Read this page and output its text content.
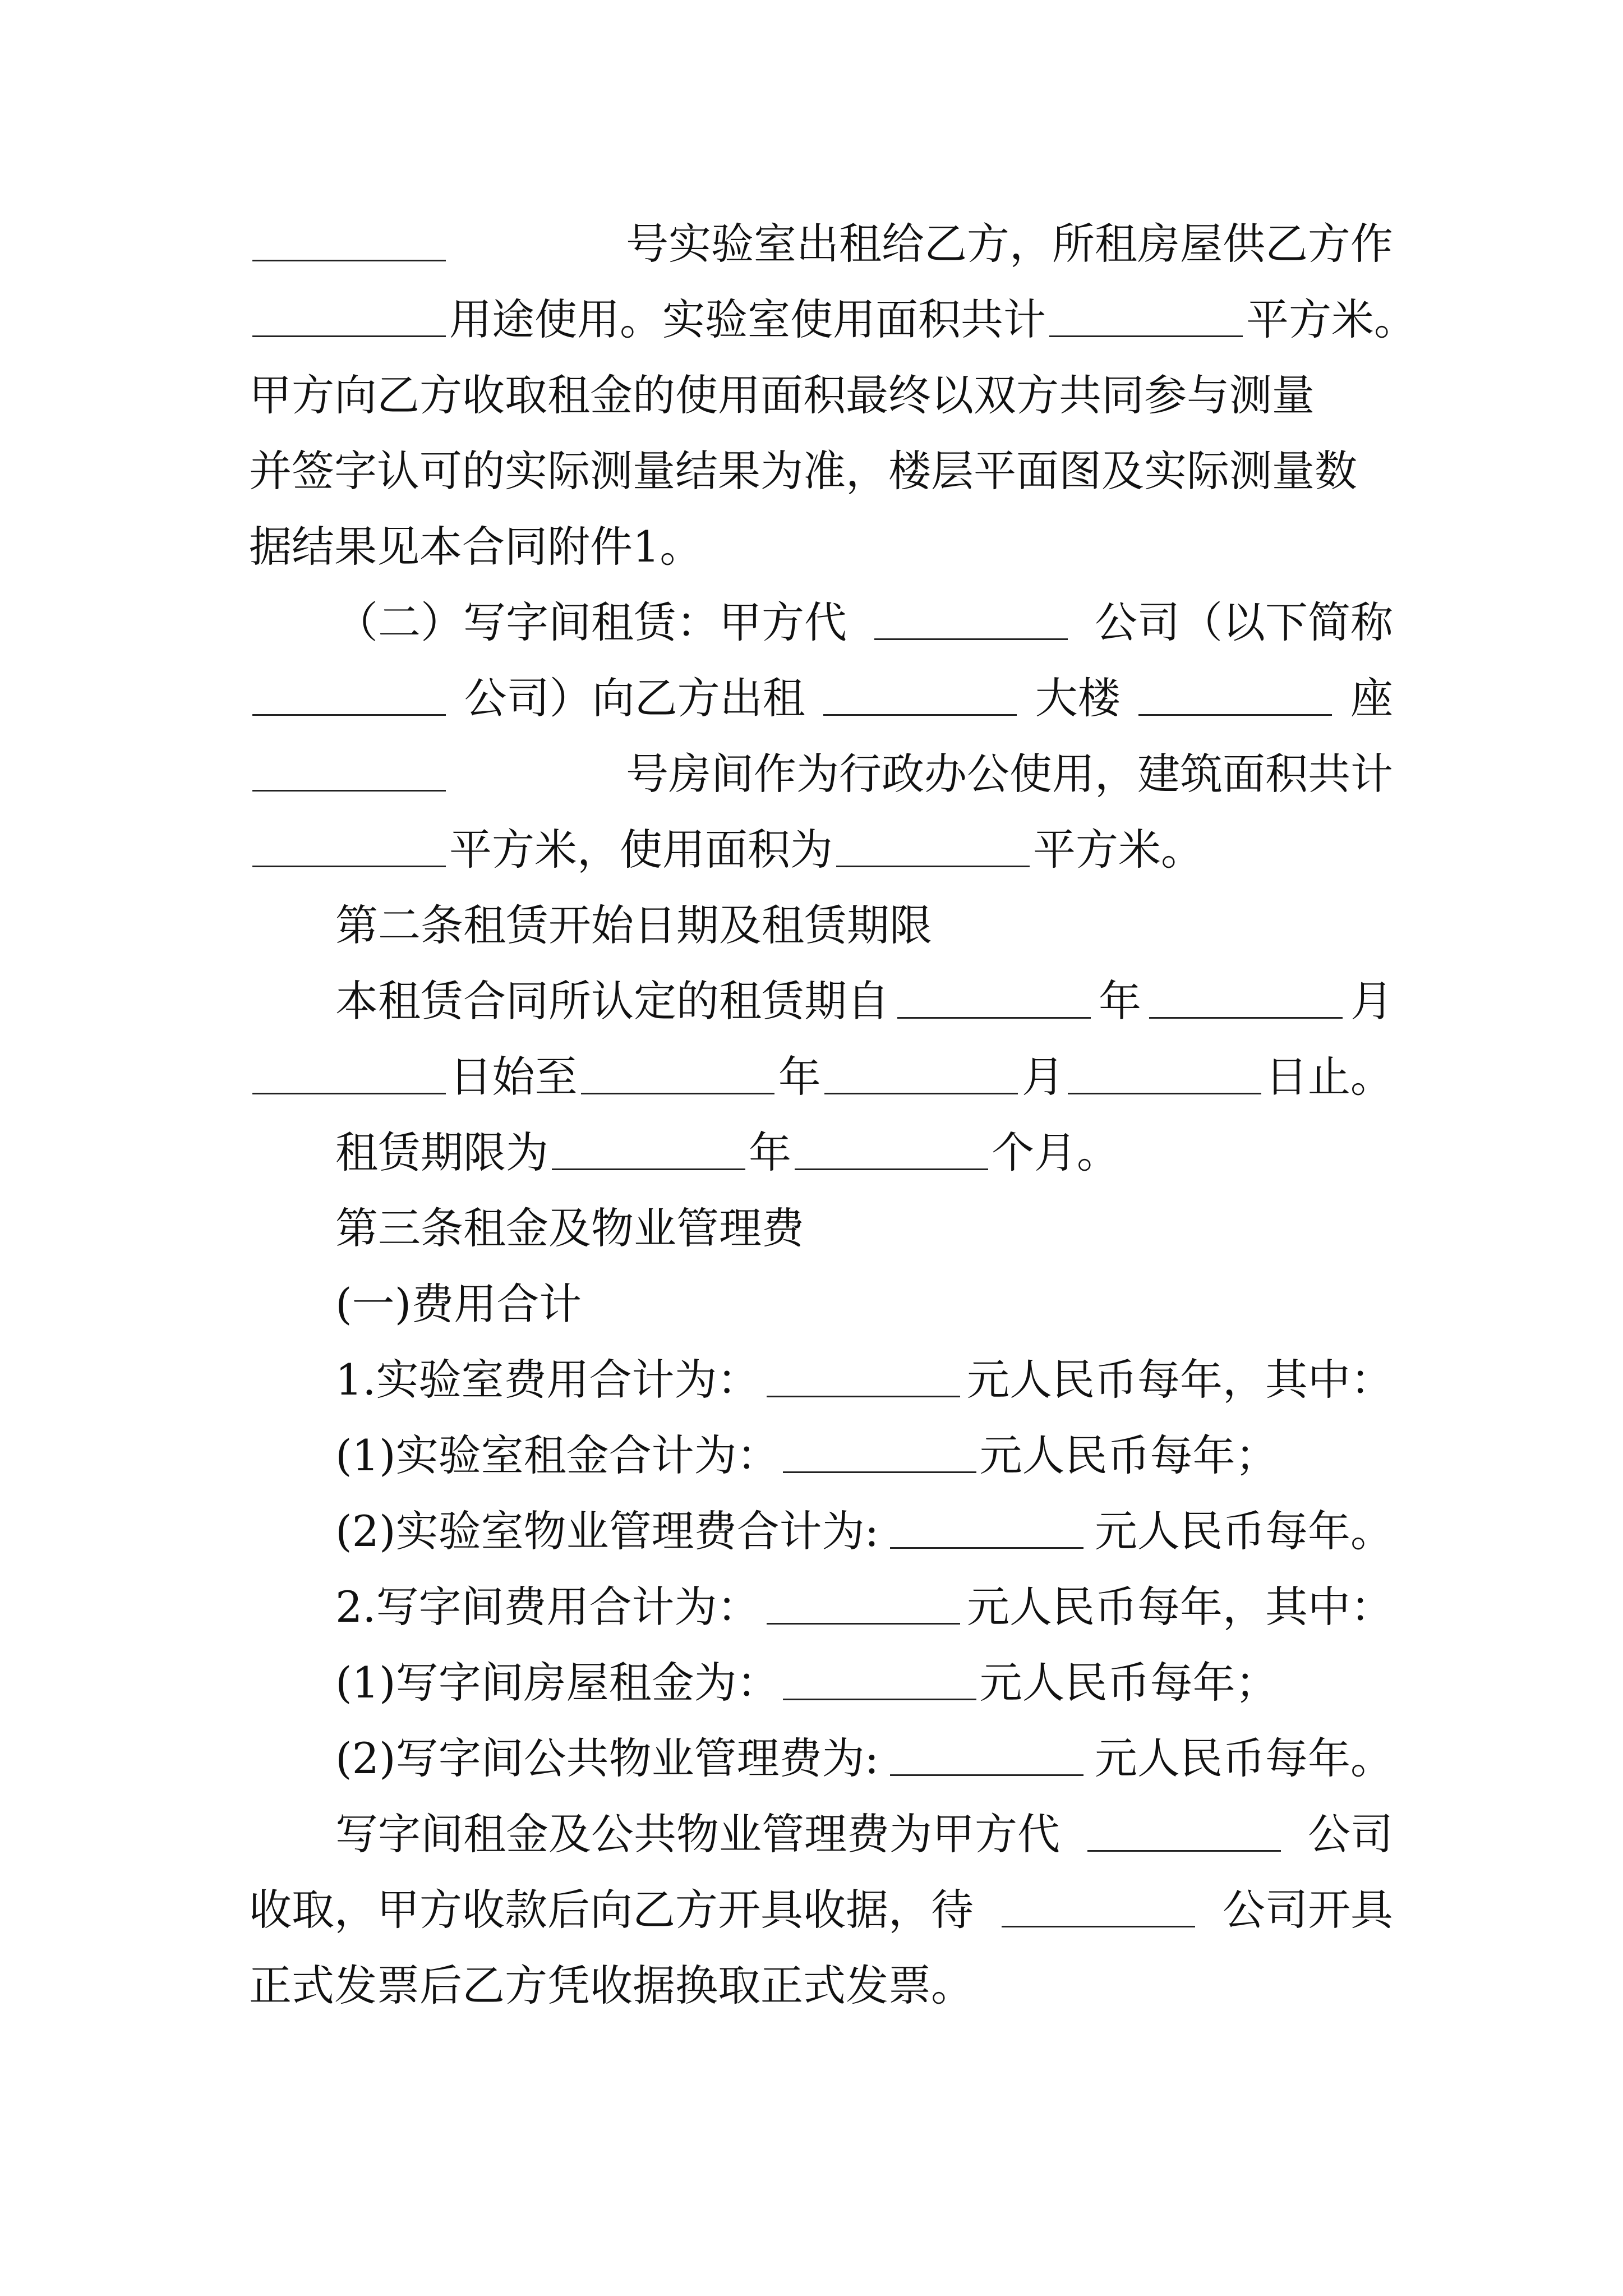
号实验室出租给乙方，所租房屋供乙方作
用途使用。实验室使用面积共计	平方米。
甲方向乙方收取租金的使用面积最终以双方共同参与测量
并签字认可的实际测量结果为准，楼层平面图及实际测量数
据结果见本合同附件1。
（二）写字间租赁：甲方代	公司（以下简称
公司）向乙方出租	大楼	座
号房间作为行政办公使用，建筑面积共计
平方米，使用面积为	平方米。
第二条租赁开始日期及租赁期限
本租赁合同所认定的租赁期自	年	月
日始至	年	月	日止。
租赁期限为	年	个月。
第三条租金及物业管理费
(一)费用合计
1.实验室费用合计为：	元人民币每年，其中：
(1)实验室租金合计为：	元人民币每年；
(2)实验室物业管理费合计为:	元人民币每年。
2.写字间费用合计为：	元人民币每年，其中：
(1)写字间房屋租金为：	元人民币每年；
(2)写字间公共物业管理费为:	元人民币每年。
写字间租金及公共物业管理费为甲方代	公司
收取，甲方收款后向乙方开具收据，待	公司开具
正式发票后乙方凭收据换取正式发票。
